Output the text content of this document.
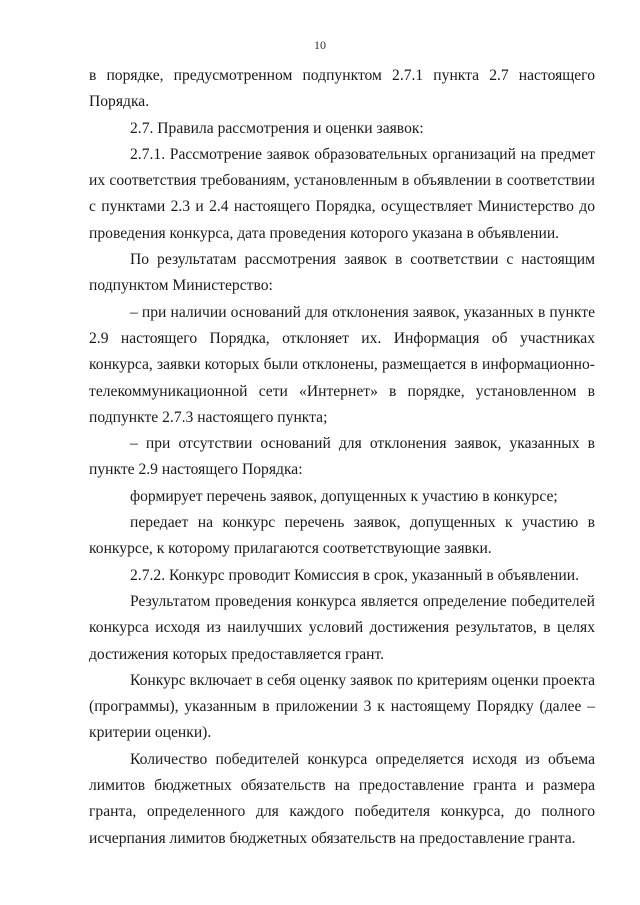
10

в порядке, предусмотренном подпунктом 2.7.1 пункта 2.7 настоящего Порядка.

2.7. Правила рассмотрения и оценки заявок:

2.7.1. Рассмотрение заявок образовательных организаций на предмет их соответствия требованиям, установленным в объявлении в соответствии с пунктами 2.3 и 2.4 настоящего Порядка, осуществляет Министерство до проведения конкурса, дата проведения которого указана в объявлении.

По результатам рассмотрения заявок в соответствии с настоящим подпунктом Министерство:

– при наличии оснований для отклонения заявок, указанных в пункте 2.9 настоящего Порядка, отклоняет их. Информация об участниках конкурса, заявки которых были отклонены, размещается в информационно-телекоммуникационной сети «Интернет» в порядке, установленном в подпункте 2.7.3 настоящего пункта;

– при отсутствии оснований для отклонения заявок, указанных в пункте 2.9 настоящего Порядка:

формирует перечень заявок, допущенных к участию в конкурсе;

передает на конкурс перечень заявок, допущенных к участию в конкурсе, к которому прилагаются соответствующие заявки.

2.7.2. Конкурс проводит Комиссия в срок, указанный в объявлении.

Результатом проведения конкурса является определение победителей конкурса исходя из наилучших условий достижения результатов, в целях достижения которых предоставляется грант.

Конкурс включает в себя оценку заявок по критериям оценки проекта (программы), указанным в приложении 3 к настоящему Порядку (далее – критерии оценки).

Количество победителей конкурса определяется исходя из объема лимитов бюджетных обязательств на предоставление гранта и размера гранта, определенного для каждого победителя конкурса, до полного исчерпания лимитов бюджетных обязательств на предоставление гранта.
